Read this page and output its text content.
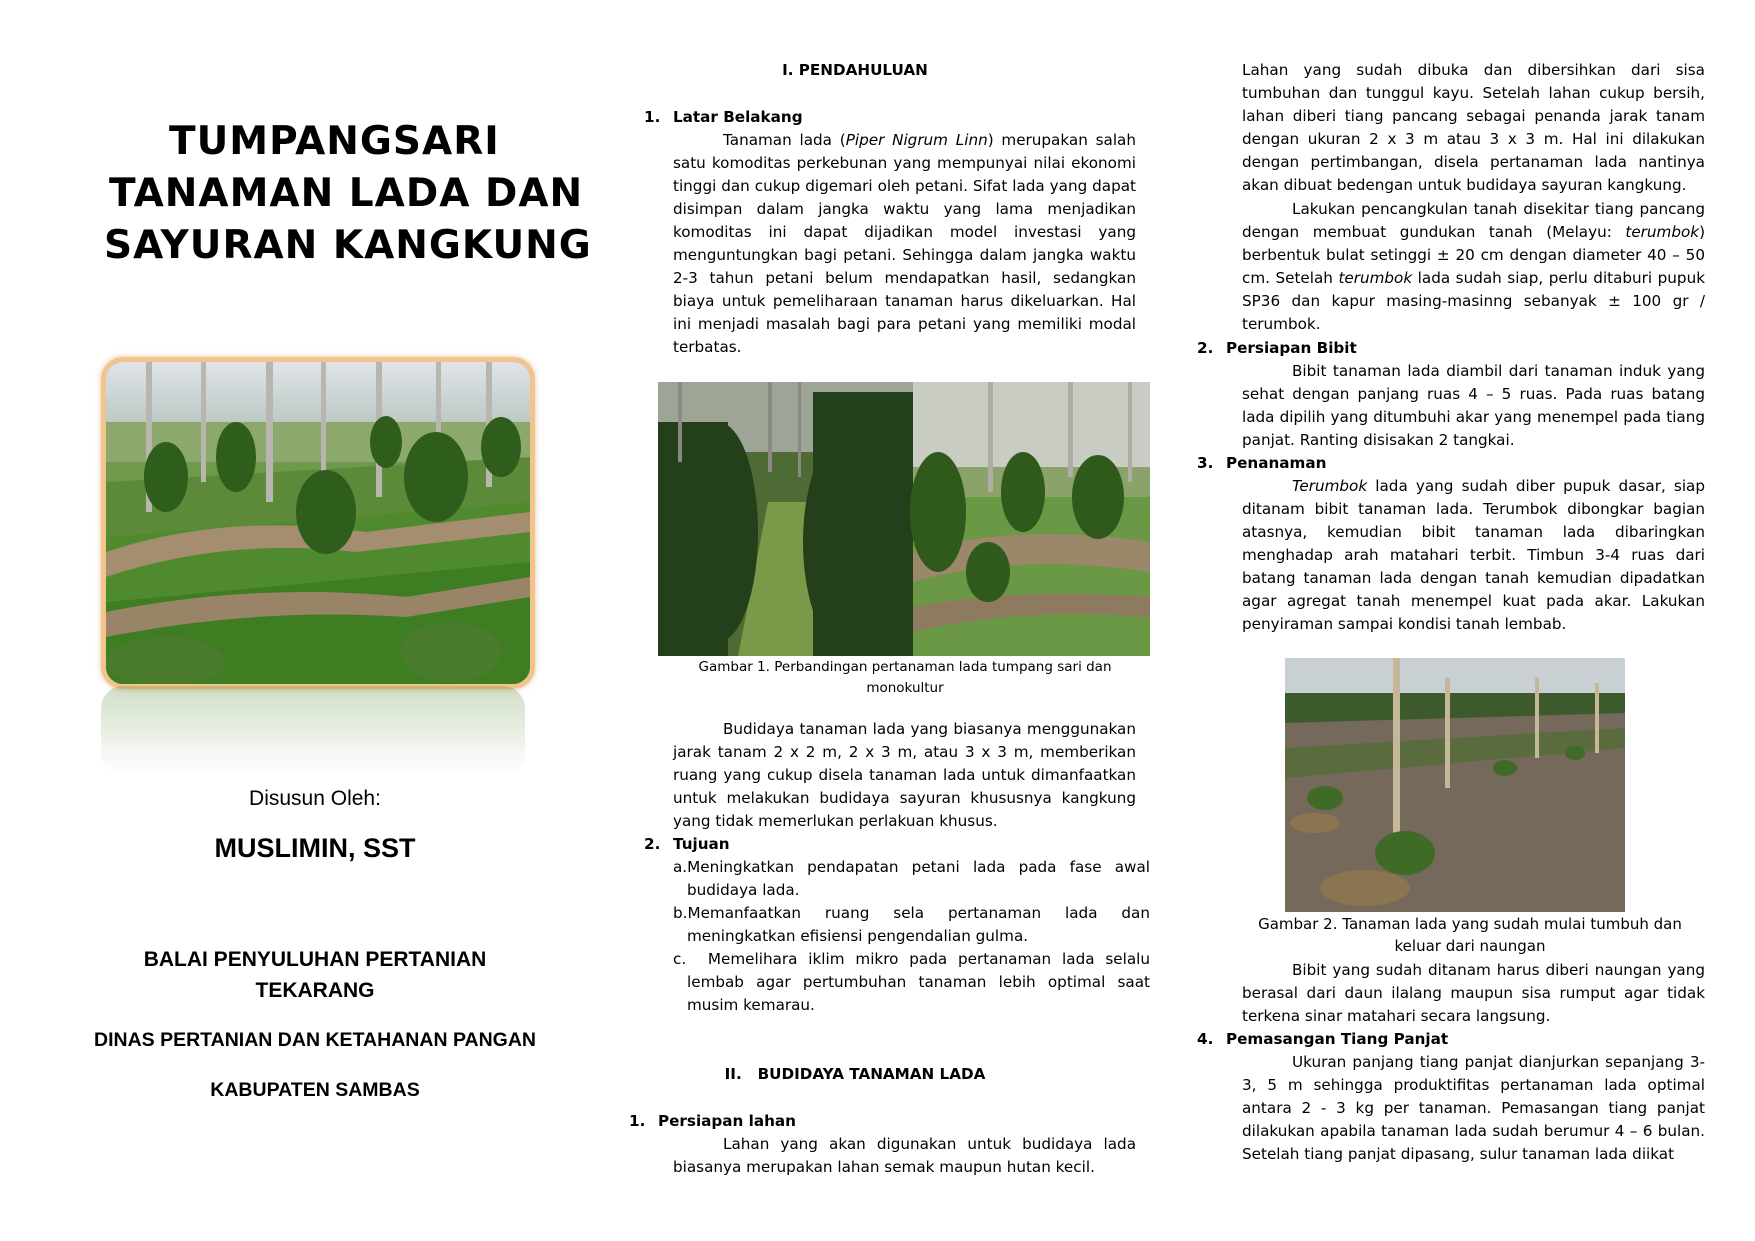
TUMPANGSARI
TANAMAN LADA DAN
SAYURAN KANGKUNG
Disusun Oleh:
MUSLIMIN, SST
BALAI PENYULUHAN PERTANIAN
TEKARANG
DINAS PERTANIAN DAN KETAHANAN PANGAN
KABUPATEN SAMBAS
I. PENDAHULUAN
1. Latar Belakang
Tanaman lada (Piper Nigrum Linn) merupakan salah satu komoditas perkebunan yang mempunyai nilai ekonomi tinggi dan cukup digemari oleh petani. Sifat lada yang dapat disimpan dalam jangka waktu yang lama menjadikan komoditas ini dapat dijadikan model investasi yang menguntungkan bagi petani. Sehingga dalam jangka waktu 2-3 tahun petani belum mendapatkan hasil, sedangkan biaya untuk pemeliharaan tanaman harus dikeluarkan. Hal ini menjadi masalah bagi para petani yang memiliki modal terbatas.
Gambar 1. Perbandingan pertanaman lada tumpang sari dan
monokultur
Budidaya tanaman lada yang biasanya menggunakan jarak tanam 2 x 2 m, 2 x 3 m, atau 3 x 3 m, memberikan ruang yang cukup disela tanaman lada untuk dimanfaatkan untuk melakukan budidaya sayuran khususnya kangkung yang tidak memerlukan perlakuan khusus.
2. Tujuan
a.Meningkatkan pendapatan petani lada pada fase awal budidaya lada.
b.Memanfaatkan ruang sela pertanaman lada dan meningkatkan efisiensi pengendalian gulma.
c. Memelihara iklim mikro pada pertanaman lada selalu lembab agar pertumbuhan tanaman lebih optimal saat musim kemarau.
II. BUDIDAYA TANAMAN LADA
1. Persiapan lahan
Lahan yang akan digunakan untuk budidaya lada biasanya merupakan lahan semak maupun hutan kecil.
Lahan yang sudah dibuka dan dibersihkan dari sisa tumbuhan dan tunggul kayu. Setelah lahan cukup bersih, lahan diberi tiang pancang sebagai penanda jarak tanam dengan ukuran 2 x 3 m atau 3 x 3 m. Hal ini dilakukan dengan pertimbangan, disela pertanaman lada nantinya akan dibuat bedengan untuk budidaya sayuran kangkung.
Lakukan pencangkulan tanah disekitar tiang pancang dengan membuat gundukan tanah (Melayu: terumbok) berbentuk bulat setinggi ± 20 cm dengan diameter 40 – 50 cm. Setelah terumbok lada sudah siap, perlu ditaburi pupuk SP36 dan kapur masing-masinng sebanyak ± 100 gr / terumbok.
2. Persiapan Bibit
Bibit tanaman lada diambil dari tanaman induk yang sehat dengan panjang ruas 4 – 5 ruas. Pada ruas batang lada dipilih yang ditumbuhi akar yang menempel pada tiang panjat. Ranting disisakan 2 tangkai.
3. Penanaman
Terumbok lada yang sudah diber pupuk dasar, siap ditanam bibit tanaman lada. Terumbok dibongkar bagian atasnya, kemudian bibit tanaman lada dibaringkan menghadap arah matahari terbit. Timbun 3-4 ruas dari batang tanaman lada dengan tanah kemudian dipadatkan agar agregat tanah menempel kuat pada akar. Lakukan penyiraman sampai kondisi tanah lembab.
Gambar 2. Tanaman lada yang sudah mulai tumbuh dan
keluar dari naungan
Bibit yang sudah ditanam harus diberi naungan yang berasal dari daun ilalang maupun sisa rumput agar tidak terkena sinar matahari secara langsung.
4. Pemasangan Tiang Panjat
Ukuran panjang tiang panjat dianjurkan sepanjang 3-3, 5 m sehingga produktifitas pertanaman lada optimal antara 2 - 3 kg per tanaman. Pemasangan tiang panjat dilakukan apabila tanaman lada sudah berumur 4 – 6 bulan. Setelah tiang panjat dipasang, sulur tanaman lada diikat
